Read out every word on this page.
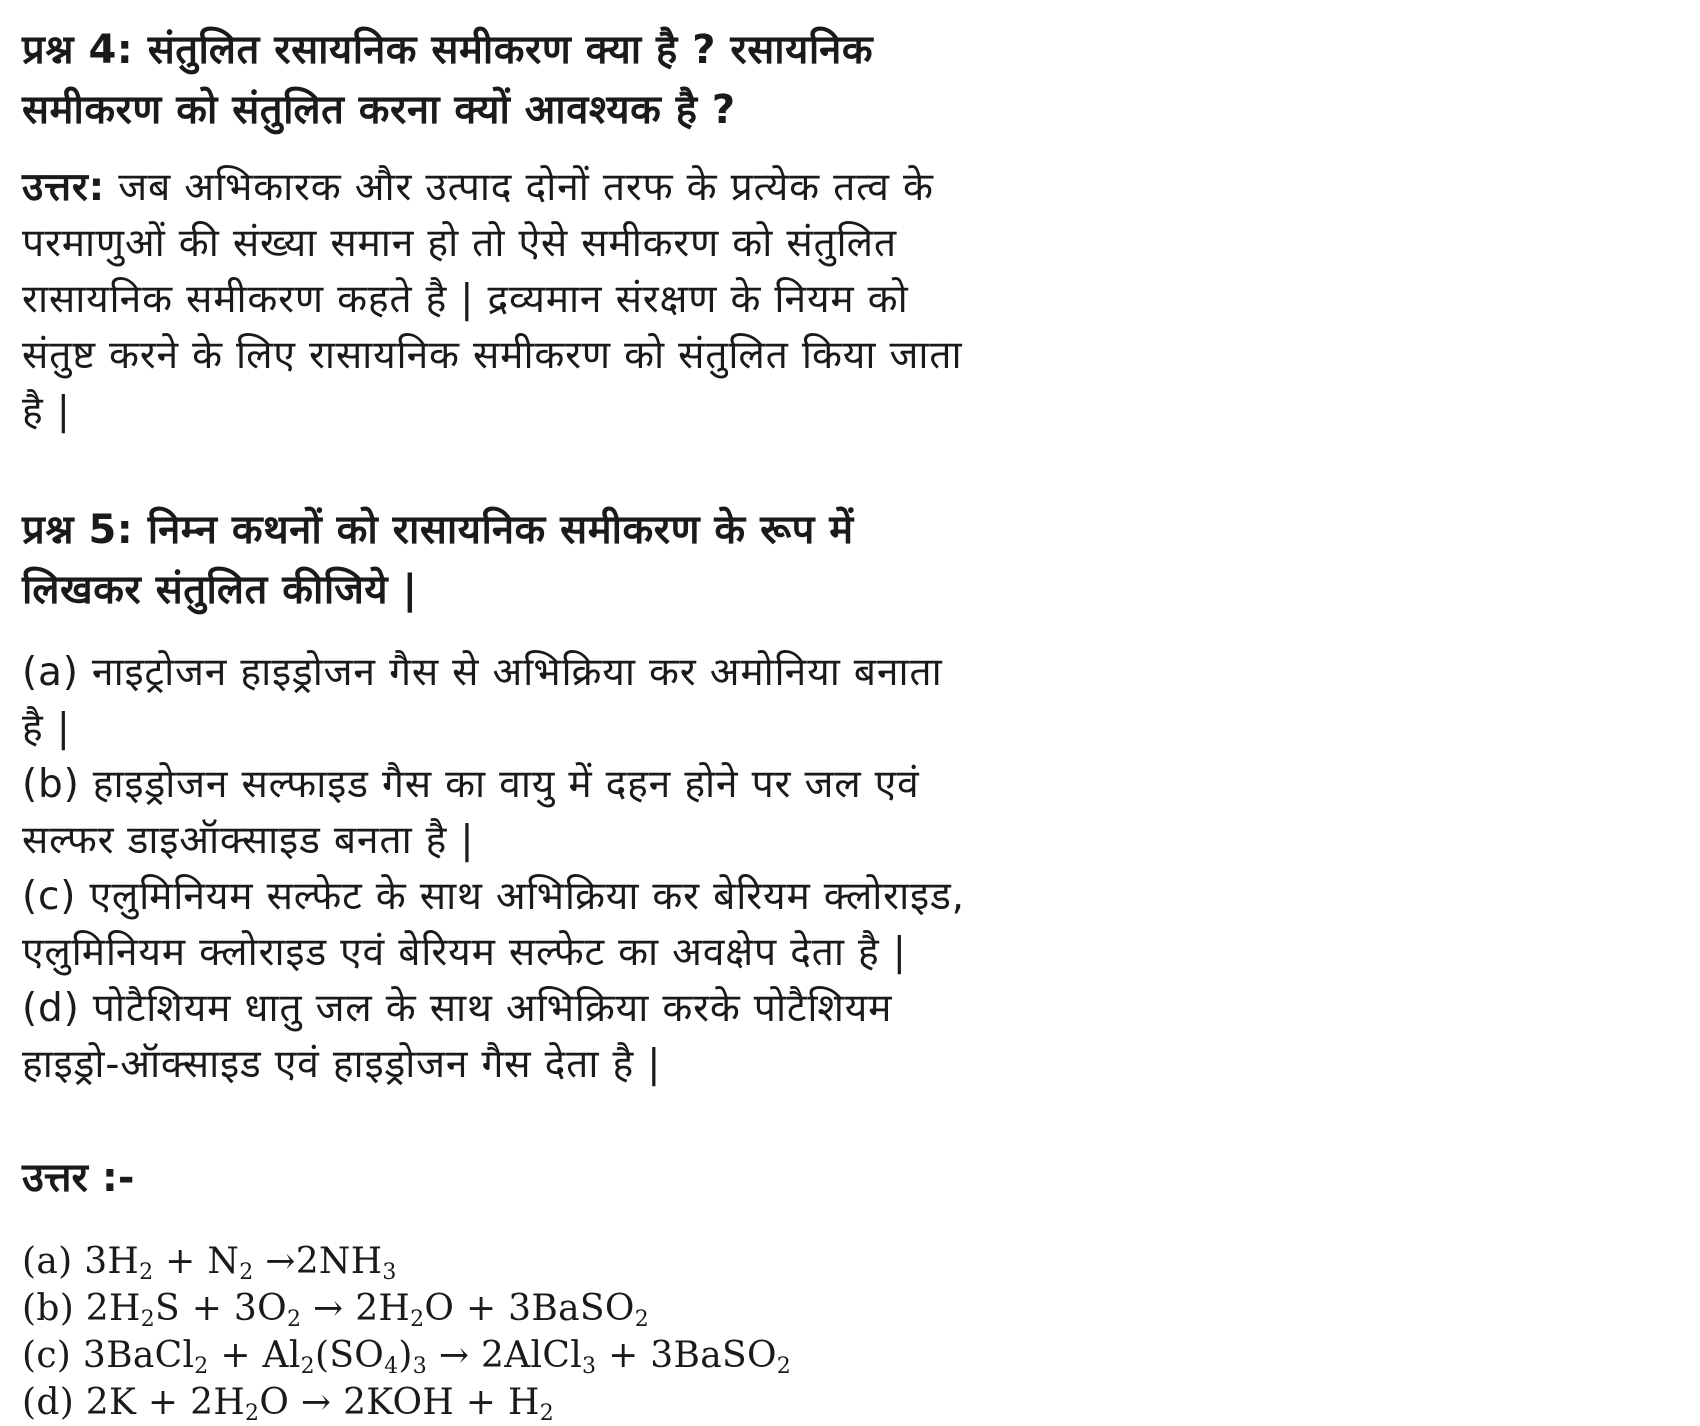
प्रश्न 4: संतुलित रसायनिक समीकरण क्या है ? रसायनिक
समीकरण को संतुलित करना क्यों आवश्यक है ?
उत्तर: जब अभिकारक और उत्पाद दोनों तरफ के प्रत्येक तत्व के
परमाणुओं की संख्या समान हो तो ऐसे समीकरण को संतुलित
रासायनिक समीकरण कहते है | द्रव्यमान संरक्षण के नियम को
संतुष्ट करने के लिए रासायनिक समीकरण को संतुलित किया जाता
है |
प्रश्न 5: निम्न कथनों को रासायनिक समीकरण के रूप में
लिखकर संतुलित कीजिये |
(a) नाइट्रोजन हाइड्रोजन गैस से अभिक्रिया कर अमोनिया बनाता
है |
(b) हाइड्रोजन सल्फाइड गैस का वायु में दहन होने पर जल एवं
सल्फर डाइऑक्साइड बनता है |
(c) एलुमिनियम सल्फेट के साथ अभिक्रिया कर बेरियम क्लोराइड,
एलुमिनियम क्लोराइड एवं बेरियम सल्फेट का अवक्षेप देता है |
(d) पोटैशियम धातु जल के साथ अभिक्रिया करके पोटैशियम
हाइड्रो-ऑक्साइड एवं हाइड्रोजन गैस देता है |
उत्तर :-
(a) $3H_2 + N_2 \to 2NH_3$
(b) $2H_2S + 3O_2 \to 2H_2O$ + 3BaSO$_2$
(c) 3BaCl$_2$ + $Al_2(SO_4)_3$ → 2AlCl$_3$ + 3BaSO$_2$
(d) $2K + 2H_2O \to 2KOH + H_2$
